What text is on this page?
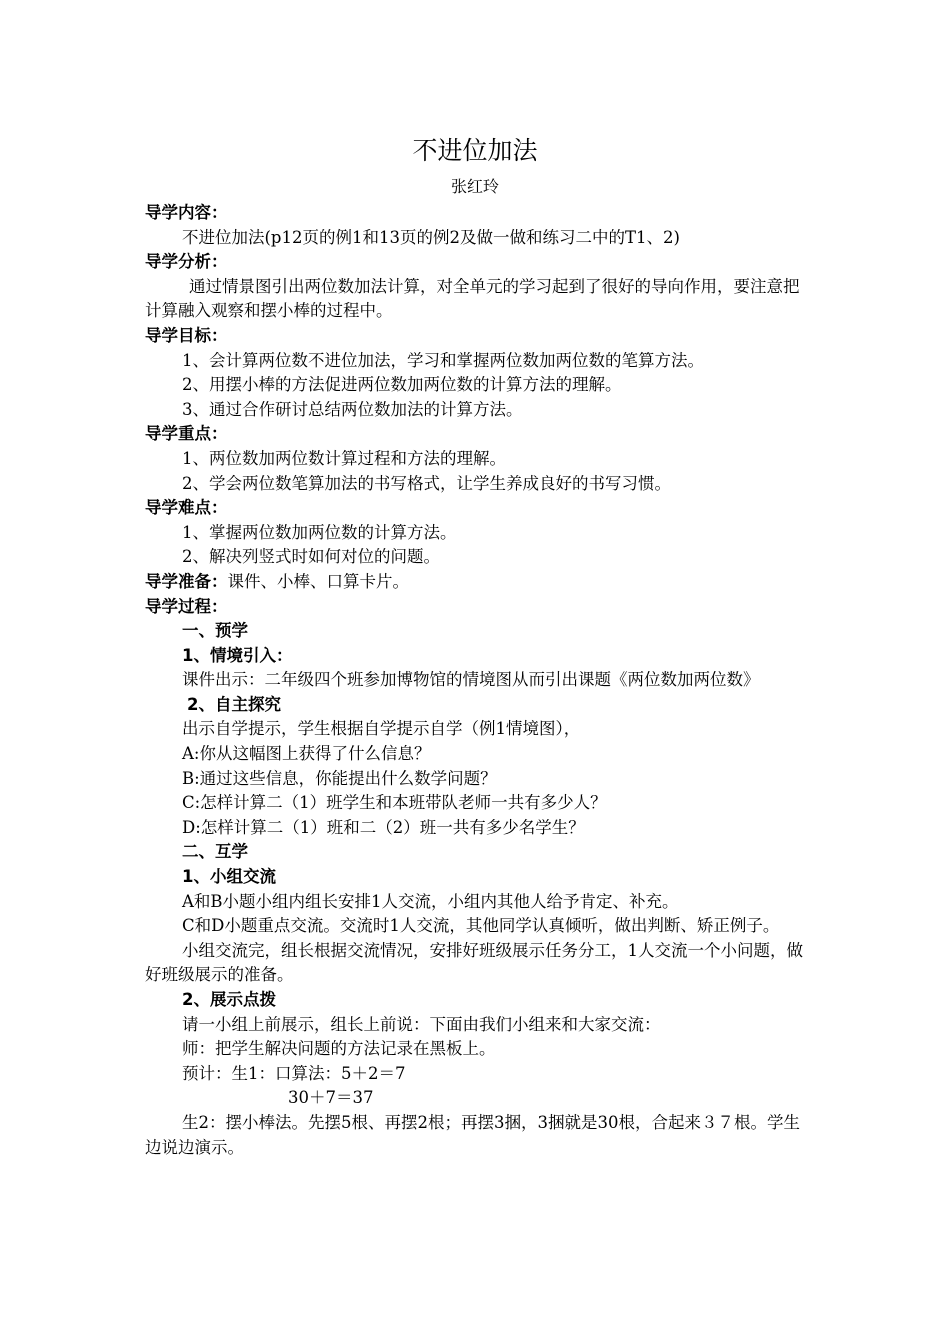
不进位加法
张红玲

导学内容：

不进位加法(p12页的例1和13页的例2及做一做和练习二中的T1、2)

导学分析：

通过情景图引出两位数加法计算，对全单元的学习起到了很好的导向作用，要注意把计算融入观察和摆小棒的过程中。

导学目标：

1、会计算两位数不进位加法，学习和掌握两位数加两位数的笔算方法。

2、用摆小棒的方法促进两位数加两位数的计算方法的理解。

3、通过合作研讨总结两位数加法的计算方法。

导学重点：

1、两位数加两位数计算过程和方法的理解。

2、学会两位数笔算加法的书写格式，让学生养成良好的书写习惯。

导学难点：

1、掌握两位数加两位数的计算方法。

2、解决列竖式时如何对位的问题。

导学准备：课件、小棒、口算卡片。

导学过程：

一、预学

1、情境引入：

课件出示：二年级四个班参加博物馆的情境图从而引出课题《两位数加两位数》

2、自主探究

出示自学提示，学生根据自学提示自学（例1情境图），

A:你从这幅图上获得了什么信息？

B:通过这些信息，你能提出什么数学问题？

C:怎样计算二（1）班学生和本班带队老师一共有多少人？

D:怎样计算二（1）班和二（2）班一共有多少名学生？

二、互学

1、小组交流

A和B小题小组内组长安排1人交流，小组内其他人给予肯定、补充。

C和D小题重点交流。交流时1人交流，其他同学认真倾听，做出判断、矫正例子。

小组交流完，组长根据交流情况，安排好班级展示任务分工，1人交流一个小问题，做好班级展示的准备。

2、展示点拨

请一小组上前展示，组长上前说：下面由我们小组来和大家交流：

师：把学生解决问题的方法记录在黑板上。

预计：生1：口算法：5＋2＝7

30＋7＝37

生2：摆小棒法。先摆5根、再摆2根；再摆3捆，3捆就是30根，合起来３７根。学生边说边演示。
